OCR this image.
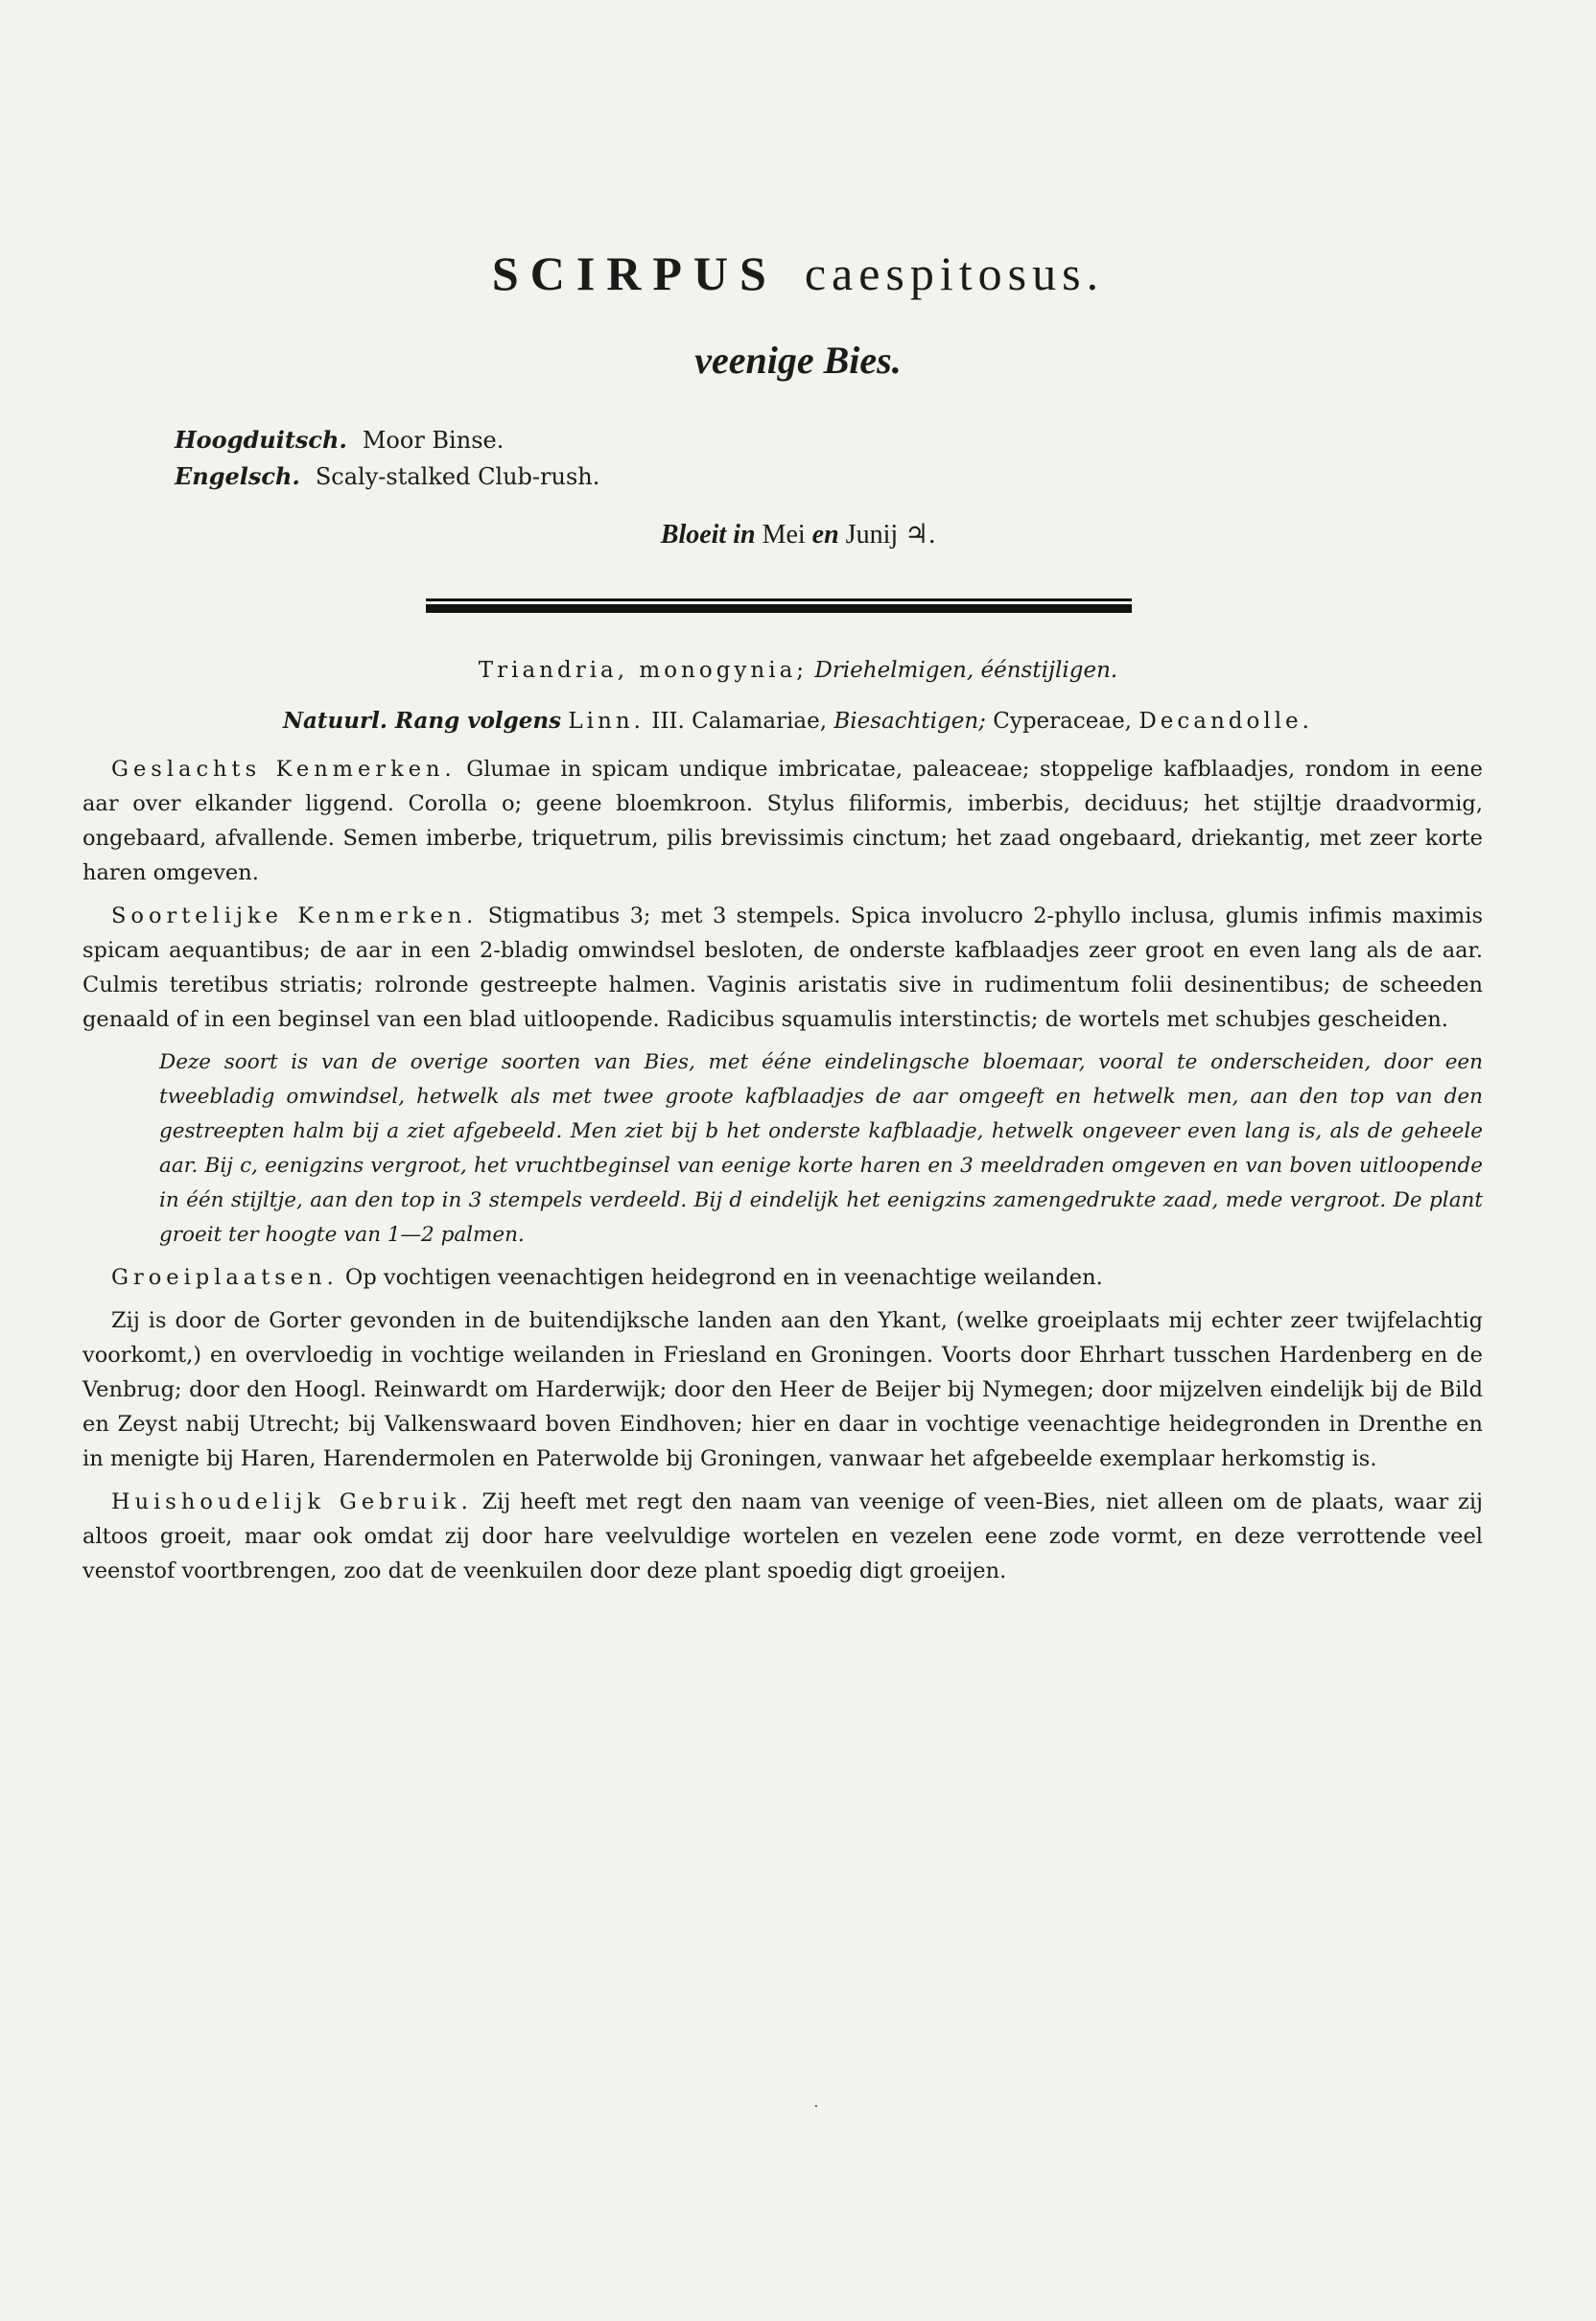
SCIRPUS caespitosus.
veenige Bies.
Hoogduitsch. Moor Binse.
Engelsch. Scaly-stalked Club-rush.
Bloeit in Mei en Junij ♃.
Triandria, monogynia; Driehelmigen, éénstijligen.
Natuurl. Rang volgens Linn. III. Calamariae, Biesachtigen; Cyperaceae, Decandolle.

Geslachts Kenmerken. Glumae in spicam undique imbricatae, paleaceae; stoppelige kafblaadjes, rondom in eene aar over elkander liggend. Corolla o; geene bloemkroon. Stylus filiformis, imberbis, deciduus; het stijltje draadvormig, ongebaard, afvallende. Semen imberbe, triquetrum, pilis brevissimis cinctum; het zaad ongebaard, driekantig, met zeer korte haren omgeven.

Soortelijke Kenmerken. Stigmatibus 3; met 3 stempels. Spica involucro 2-phyllo inclusa, glumis infimis maximis spicam aequantibus; de aar in een 2-bladig omwindsel besloten, de onderste kafblaadjes zeer groot en even lang als de aar. Culmis teretibus striatis; rolronde gestreepte halmen. Vaginis aristatis sive in rudimentum folii desinentibus; de scheeden genaald of in een beginsel van een blad uitloopende. Radicibus squamulis interstinctis; de wortels met schubjes gescheiden.

Deze soort is van de overige soorten van Bies, met ééne eindelingsche bloemaar, vooral te onderscheiden, door een tweebladig omwindsel, hetwelk als met twee groote kafblaadjes de aar omgeeft en hetwelk men, aan den top van den gestreepten halm bij a ziet afgebeeld. Men ziet bij b het onderste kafblaadje, hetwelk ongeveer even lang is, als de geheele aar. Bij c, eenigzins vergroot, het vruchtbeginsel van eenige korte haren en 3 meeldraden omgeven en van boven uitloopende in één stijltje, aan den top in 3 stempels verdeeld. Bij d eindelijk het eenigzins zamengedrukte zaad, mede vergroot. De plant groeit ter hoogte van 1—2 palmen.

Groeiplaatsen. Op vochtigen veenachtigen heidegrond en in veenachtige weilanden.

Zij is door de Gorter gevonden in de buitendijksche landen aan den Ykant, (welke groeiplaats mij echter zeer twijfelachtig voorkomt,) en overvloedig in vochtige weilanden in Friesland en Groningen. Voorts door Ehrhart tusschen Hardenberg en de Venbrug; door den Hoogl. Reinwardt om Harderwijk; door den Heer de Beijer bij Nymegen; door mijzelven eindelijk bij de Bild en Zeyst nabij Utrecht; bij Valkenswaard boven Eindhoven; hier en daar in vochtige veenachtige heidegronden in Drenthe en in menigte bij Haren, Harendermolen en Paterwolde bij Groningen, vanwaar het afgebeelde exemplaar herkomstig is.

Huishoudelijk Gebruik. Zij heeft met regt den naam van veenige of veen-Bies, niet alleen om de plaats, waar zij altoos groeit, maar ook omdat zij door hare veelvuldige wortelen en vezelen eene zode vormt, en deze verrottende veel veenstof voortbrengen, zoo dat de veenkuilen door deze plant spoedig digt groeijen.

·
